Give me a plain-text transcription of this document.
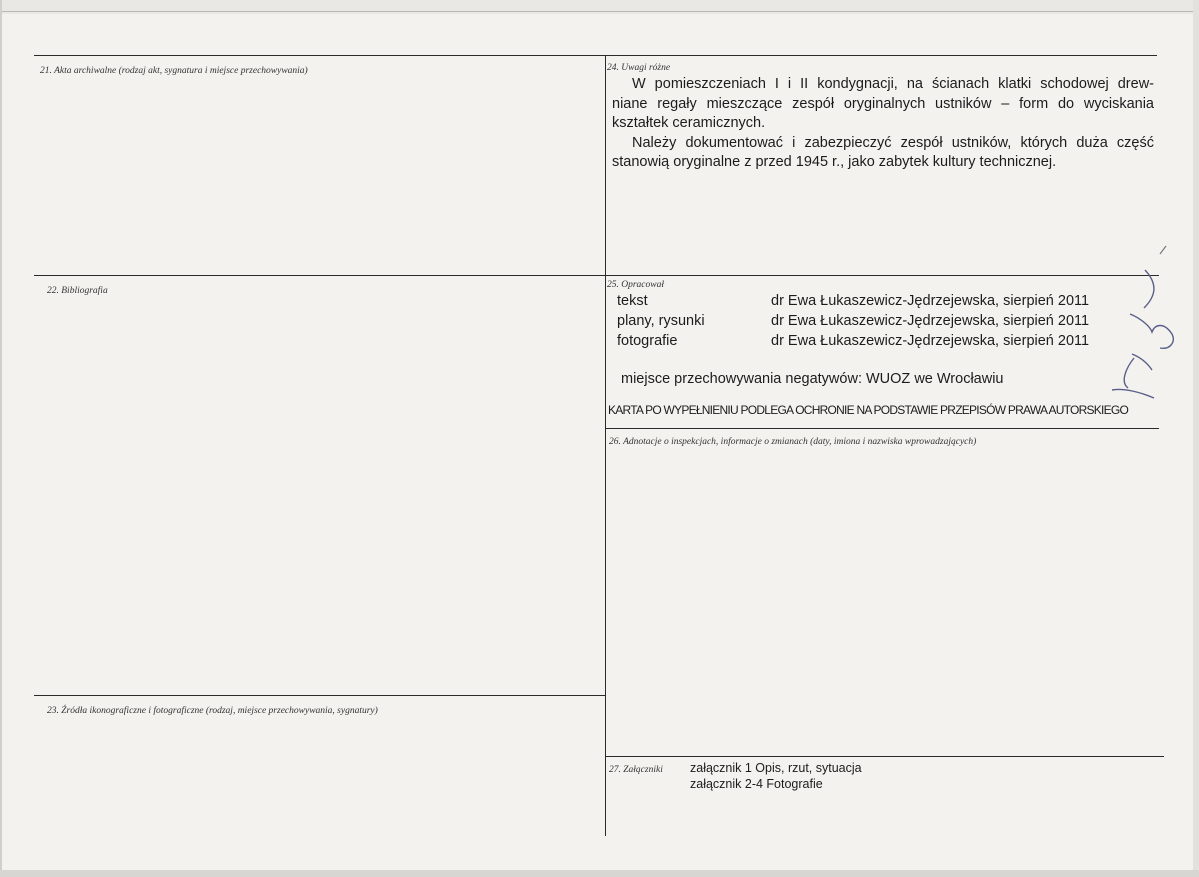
21. Akta archiwalne (rodzaj akt, sygnatura i miejsce przechowywania)
22. Bibliografia
23. Źródła ikonograficzne i fotograficzne (rodzaj, miejsce przechowywania, sygnatury)
24. Uwagi różne
W pomieszczeniach I i II kondygnacji, na ścianach klatki schodowej drew-
niane regały mieszczące zespół oryginalnych ustników – form do wyciskania
kształtek ceramicznych.
Należy dokumentować i zabezpieczyć zespół ustników, których duża część
stanowią oryginalne z przed 1945 r., jako zabytek kultury technicznej.
25. Opracował
tekst	dr Ewa Łukaszewicz-Jędrzejewska, sierpień 2011
plany, rysunki	dr Ewa Łukaszewicz-Jędrzejewska, sierpień 2011
fotografie	dr Ewa Łukaszewicz-Jędrzejewska, sierpień 2011
miejsce przechowywania negatywów: WUOZ we Wrocławiu
KARTA PO WYPEŁNIENIU PODLEGA OCHRONIE NA PODSTAWIE PRZEPISÓW PRAWA AUTORSKIEGO
26. Adnotacje o inspekcjach, informacje o zmianach (daty, imiona i nazwiska wprowadzających)
27. Załączniki załącznik 1 Opis, rzut, sytuacja
załącznik 2-4 Fotografie
